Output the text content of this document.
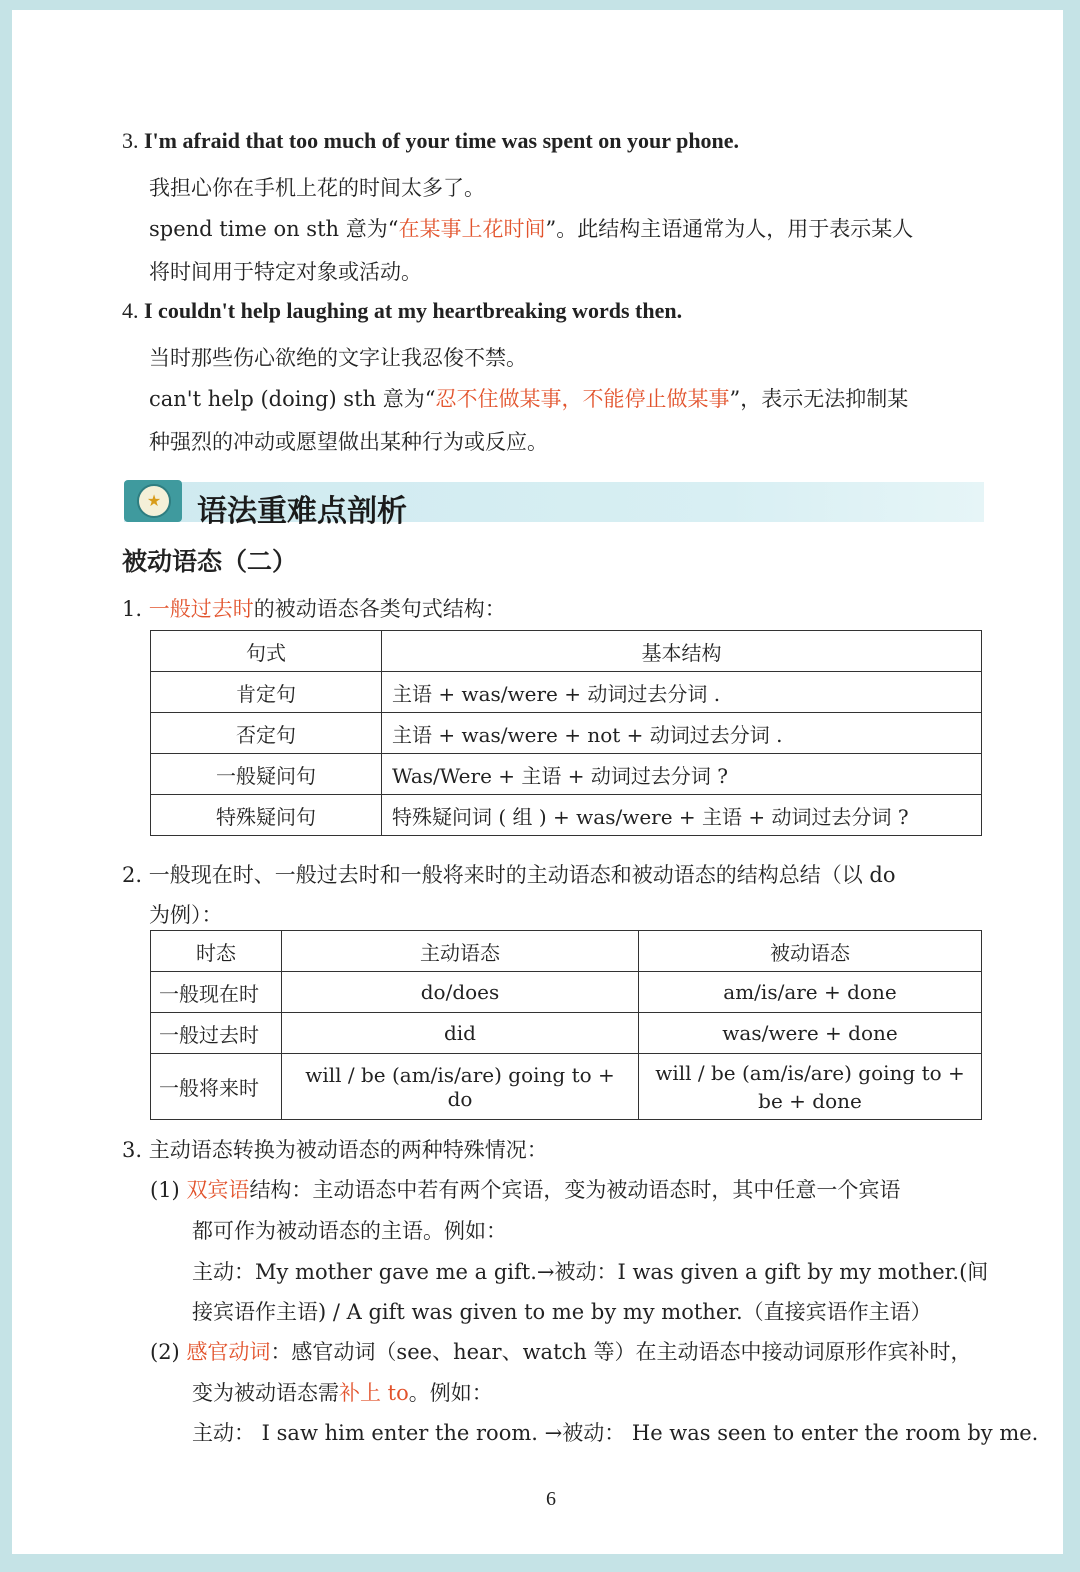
3. I'm afraid that too much of your time was spent on your phone.
我担心你在手机上花的时间太多了。
spend time on sth 意为“在某事上花时间”。此结构主语通常为人，用于表示某人
将时间用于特定对象或活动。
4. I couldn't help laughing at my heartbreaking words then.
当时那些伤心欲绝的文字让我忍俊不禁。
can't help (doing) sth 意为“忍不住做某事，不能停止做某事”，表示无法抑制某
种强烈的冲动或愿望做出某种行为或反应。
★	语法重难点剖析
被动语态（二）
1. 一般过去时的被动语态各类句式结构：
句式	基本结构
肯定句	主语 + was/were + 动词过去分词 .
否定句	主语 + was/were + not + 动词过去分词 .
一般疑问句	Was/Were + 主语 + 动词过去分词 ?
特殊疑问句	特殊疑问词 ( 组 ) + was/were + 主语 + 动词过去分词 ?
2. 一般现在时、一般过去时和一般将来时的主动语态和被动语态的结构总结（以 do
为例）：
时态	主动语态	被动语态
一般现在时	do/does	am/is/are + done
一般过去时	did	was/were + done
一般将来时	will / be (am/is/are) going to + do	will / be (am/is/are) going to +
be + done
3. 主动语态转换为被动语态的两种特殊情况：
(1) 双宾语结构：主动语态中若有两个宾语，变为被动语态时，其中任意一个宾语
都可作为被动语态的主语。例如：
主动：My mother gave me a gift.→被动：I was given a gift by my mother.(间
接宾语作主语) / A gift was given to me by my mother.（直接宾语作主语）
(2) 感官动词：感官动词（see、hear、watch 等）在主动语态中接动词原形作宾补时，
变为被动语态需补上 to。例如：
主动： I saw him enter the room. →被动： He was seen to enter the room by me.
6
